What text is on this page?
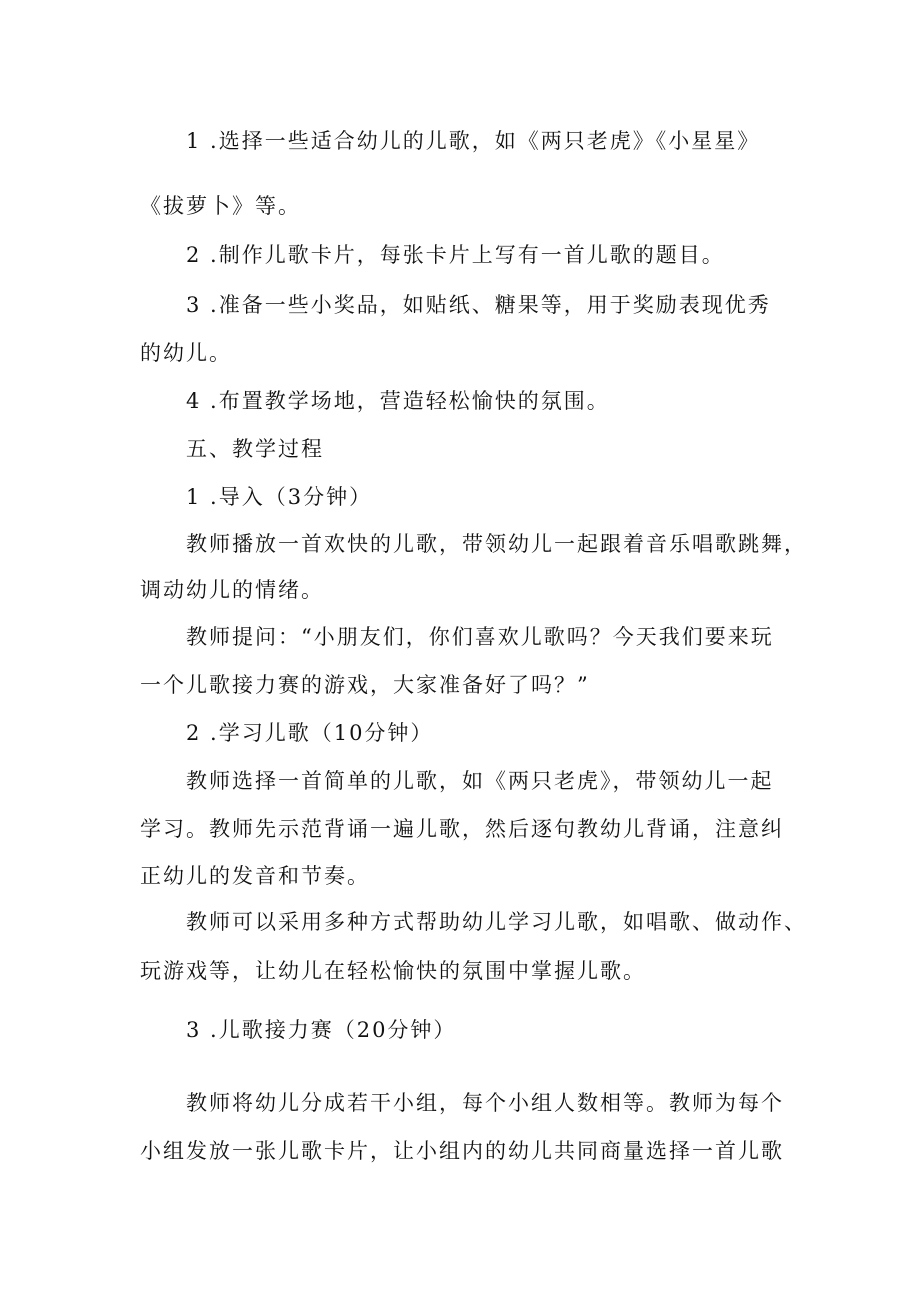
1 .选择一些适合幼儿的儿歌，如《两只老虎》《小星星》
《拔萝卜》等。
2 .制作儿歌卡片，每张卡片上写有一首儿歌的题目。
3 .准备一些小奖品，如贴纸、糖果等，用于奖励表现优秀
的幼儿。
4 .布置教学场地，营造轻松愉快的氛围。
五、教学过程
1 .导入（3分钟）
教师播放一首欢快的儿歌，带领幼儿一起跟着音乐唱歌跳舞，
调动幼儿的情绪。
教师提问：“小朋友们，你们喜欢儿歌吗？今天我们要来玩
一个儿歌接力赛的游戏，大家准备好了吗？”
2 .学习儿歌（10分钟）
教师选择一首简单的儿歌，如《两只老虎》，带领幼儿一起
学习。教师先示范背诵一遍儿歌，然后逐句教幼儿背诵，注意纠
正幼儿的发音和节奏。
教师可以采用多种方式帮助幼儿学习儿歌，如唱歌、做动作、
玩游戏等，让幼儿在轻松愉快的氛围中掌握儿歌。
3 .儿歌接力赛（20分钟）
教师将幼儿分成若干小组，每个小组人数相等。教师为每个
小组发放一张儿歌卡片，让小组内的幼儿共同商量选择一首儿歌
